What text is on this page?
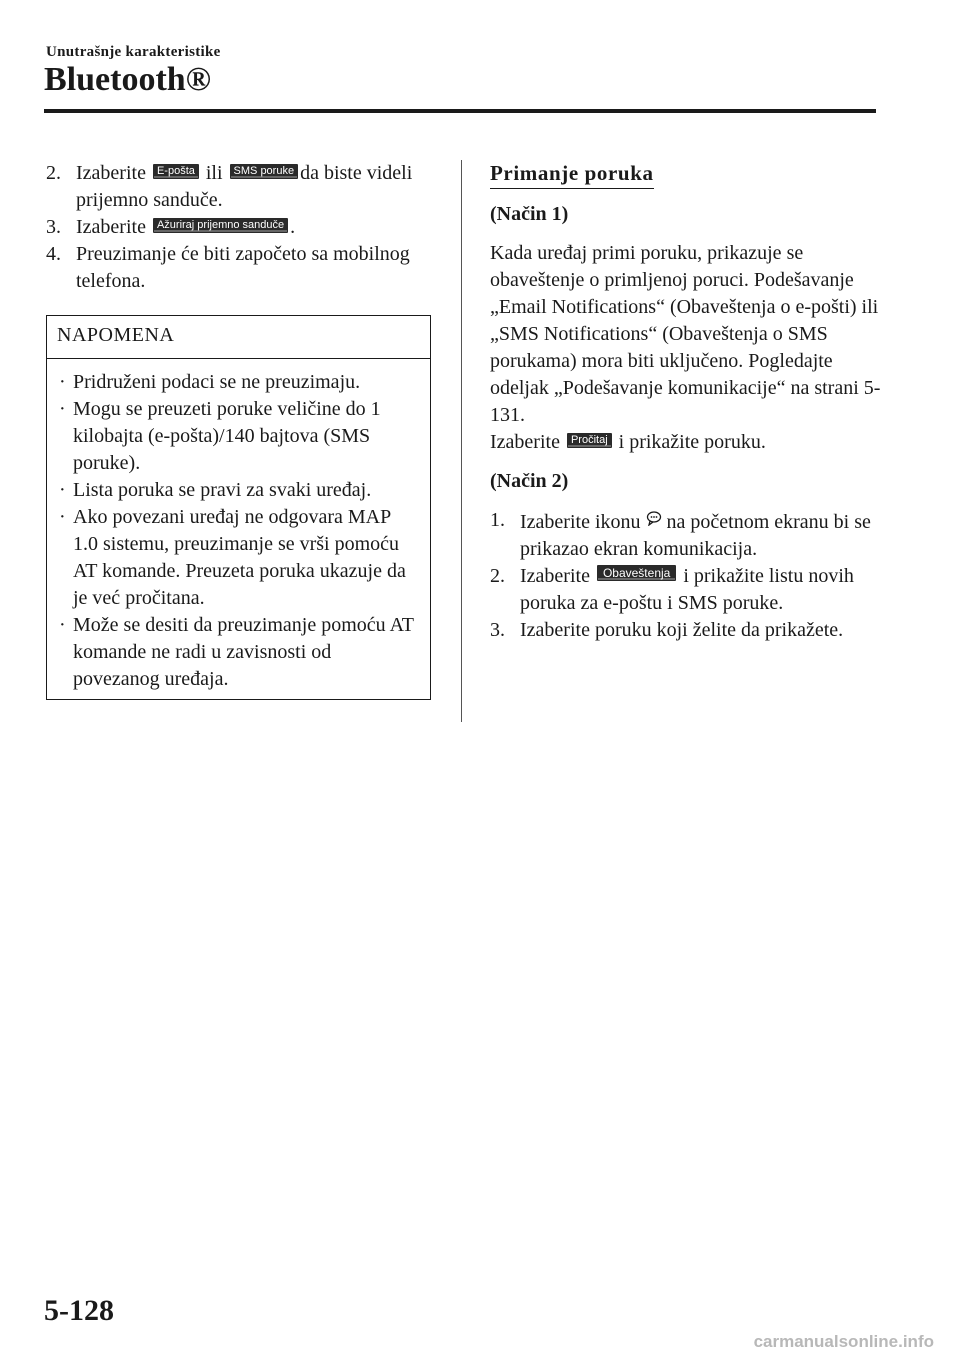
Unutrašnje karakteristike
Bluetooth®
2. Izaberite E-pošta ili SMS poruke da biste videli prijemno sanduče.
3. Izaberite Ažuriraj prijemno sanduče .
4. Preuzimanje će biti započeto sa mobilnog telefona.
NAPOMENA
· Pridruženi podaci se ne preuzimaju.
· Mogu se preuzeti poruke veličine do 1 kilobajta (e-pošta)/140 bajtova (SMS poruke).
· Lista poruka se pravi za svaki uređaj.
· Ako povezani uređaj ne odgovara MAP 1.0 sistemu, preuzimanje se vrši pomoću AT komande. Preuzeta poruka ukazuje da je već pročitana.
· Može se desiti da preuzimanje pomoću AT komande ne radi u zavisnosti od povezanog uređaja.
Primanje poruka
(Način 1)
Kada uređaj primi poruku, prikazuje se obaveštenje o primljenoj poruci. Podešavanje „Email Notifications“ (Obaveštenja o e-pošti) ili „SMS Notifications“ (Obaveštenja o SMS porukama) mora biti uključeno. Pogledajte odeljak „Podešavanje komunikacije“ na strani 5-131.
Izaberite Pročitaj i prikažite poruku.
(Način 2)
1. Izaberite ikonu na početnom ekranu bi se prikazao ekran komunikacija.
2. Izaberite Obaveštenja i prikažite listu novih poruka za e-poštu i SMS poruke.
3. Izaberite poruku koji želite da prikažete.
5-128
carmanualsonline.info
